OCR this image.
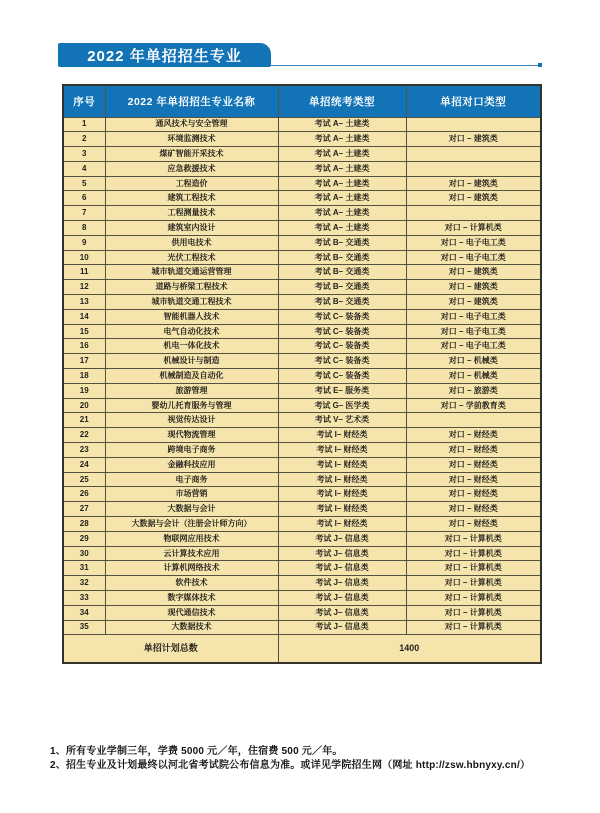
2022 年单招招生专业
序号	2022 年单招招生专业名称	单招统考类型	单招对口类型
1	通风技术与安全管理	考试 A– 土建类	
2	环境监测技术	考试 A– 土建类	对口 – 建筑类
3	煤矿智能开采技术	考试 A– 土建类	
4	应急救援技术	考试 A– 土建类	
5	工程造价	考试 A– 土建类	对口 – 建筑类
6	建筑工程技术	考试 A– 土建类	对口 – 建筑类
7	工程测量技术	考试 A– 土建类	
8	建筑室内设计	考试 A– 土建类	对口 – 计算机类
9	供用电技术	考试 B– 交通类	对口 – 电子电工类
10	光伏工程技术	考试 B– 交通类	对口 – 电子电工类
11	城市轨道交通运营管理	考试 B– 交通类	对口 – 建筑类
12	道路与桥梁工程技术	考试 B– 交通类	对口 – 建筑类
13	城市轨道交通工程技术	考试 B– 交通类	对口 – 建筑类
14	智能机器人技术	考试 C– 装备类	对口 – 电子电工类
15	电气自动化技术	考试 C– 装备类	对口 – 电子电工类
16	机电一体化技术	考试 C– 装备类	对口 – 电子电工类
17	机械设计与制造	考试 C– 装备类	对口 – 机械类
18	机械制造及自动化	考试 C– 装备类	对口 – 机械类
19	旅游管理	考试 E– 服务类	对口 – 旅游类
20	婴幼儿托育服务与管理	考试 G– 医学类	对口 – 学前教育类
21	视觉传达设计	考试 V– 艺术类	
22	现代物流管理	考试 I– 财经类	对口 – 财经类
23	跨境电子商务	考试 I– 财经类	对口 – 财经类
24	金融科技应用	考试 I– 财经类	对口 – 财经类
25	电子商务	考试 I– 财经类	对口 – 财经类
26	市场营销	考试 I– 财经类	对口 – 财经类
27	大数据与会计	考试 I– 财经类	对口 – 财经类
28	大数据与会计（注册会计师方向）	考试 I– 财经类	对口 – 财经类
29	物联网应用技术	考试 J– 信息类	对口 – 计算机类
30	云计算技术应用	考试 J– 信息类	对口 – 计算机类
31	计算机网络技术	考试 J– 信息类	对口 – 计算机类
32	软件技术	考试 J– 信息类	对口 – 计算机类
33	数字媒体技术	考试 J– 信息类	对口 – 计算机类
34	现代通信技术	考试 J– 信息类	对口 – 计算机类
35	大数据技术	考试 J– 信息类	对口 – 计算机类
单招计划总数		1400	
1、所有专业学制三年，学费 5000 元／年，住宿费 500 元／年。
2、招生专业及计划最终以河北省考试院公布信息为准。或详见学院招生网（网址 http://zsw.hbnyxy.cn/）
